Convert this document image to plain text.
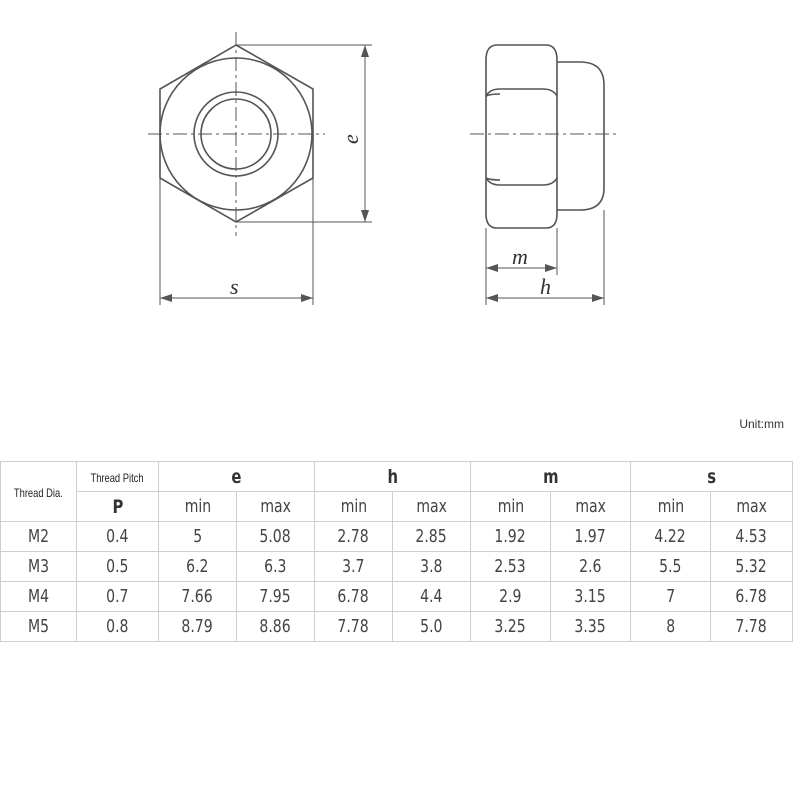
s
e
m
h
Unit:mm
Thread Dia.	Thread Pitch	e		h		m		s	
	P	min	max	min	max	min	max	min	max
M2	0.4	5	5.08	2.78	2.85	1.92	1.97	4.22	4.53
M3	0.5	6.2	6.3	3.7	3.8	2.53	2.6	5.5	5.32
M4	0.7	7.66	7.95	6.78	4.4	2.9	3.15	7	6.78
M5	0.8	8.79	8.86	7.78	5.0	3.25	3.35	8	7.78
